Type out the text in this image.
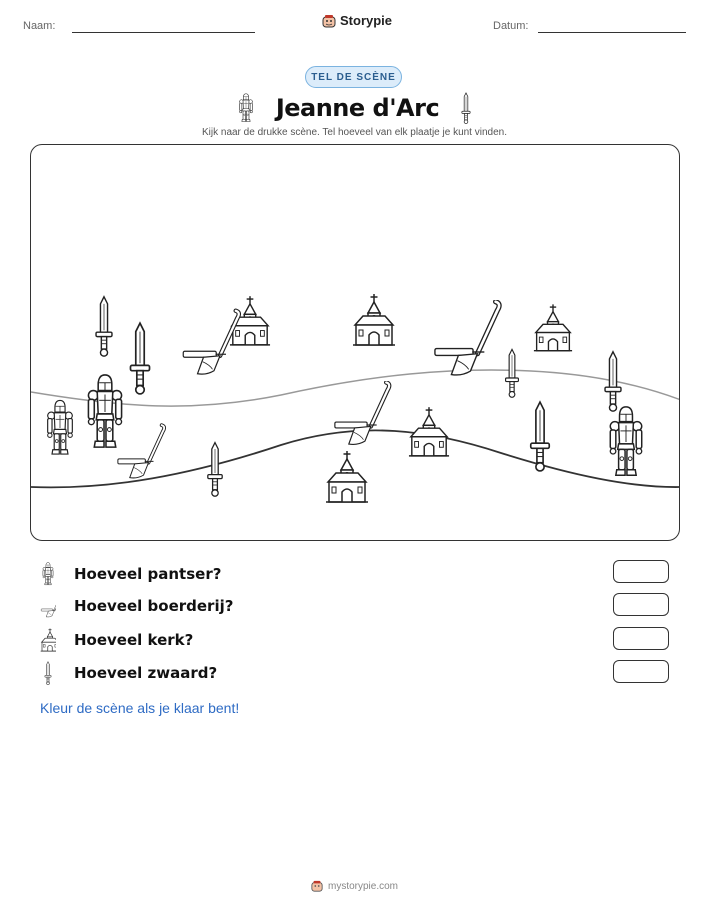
Naam:	Storypie	Datum:
TEL DE SCÈNE
Jeanne d'Arc
Kijk naar de drukke scène. Tel hoeveel van elk plaatje je kunt vinden.
Hoeveel pantser?
Hoeveel boerderij?
Hoeveel kerk?
Hoeveel zwaard?
Kleur de scène als je klaar bent!
mystorypie.com
